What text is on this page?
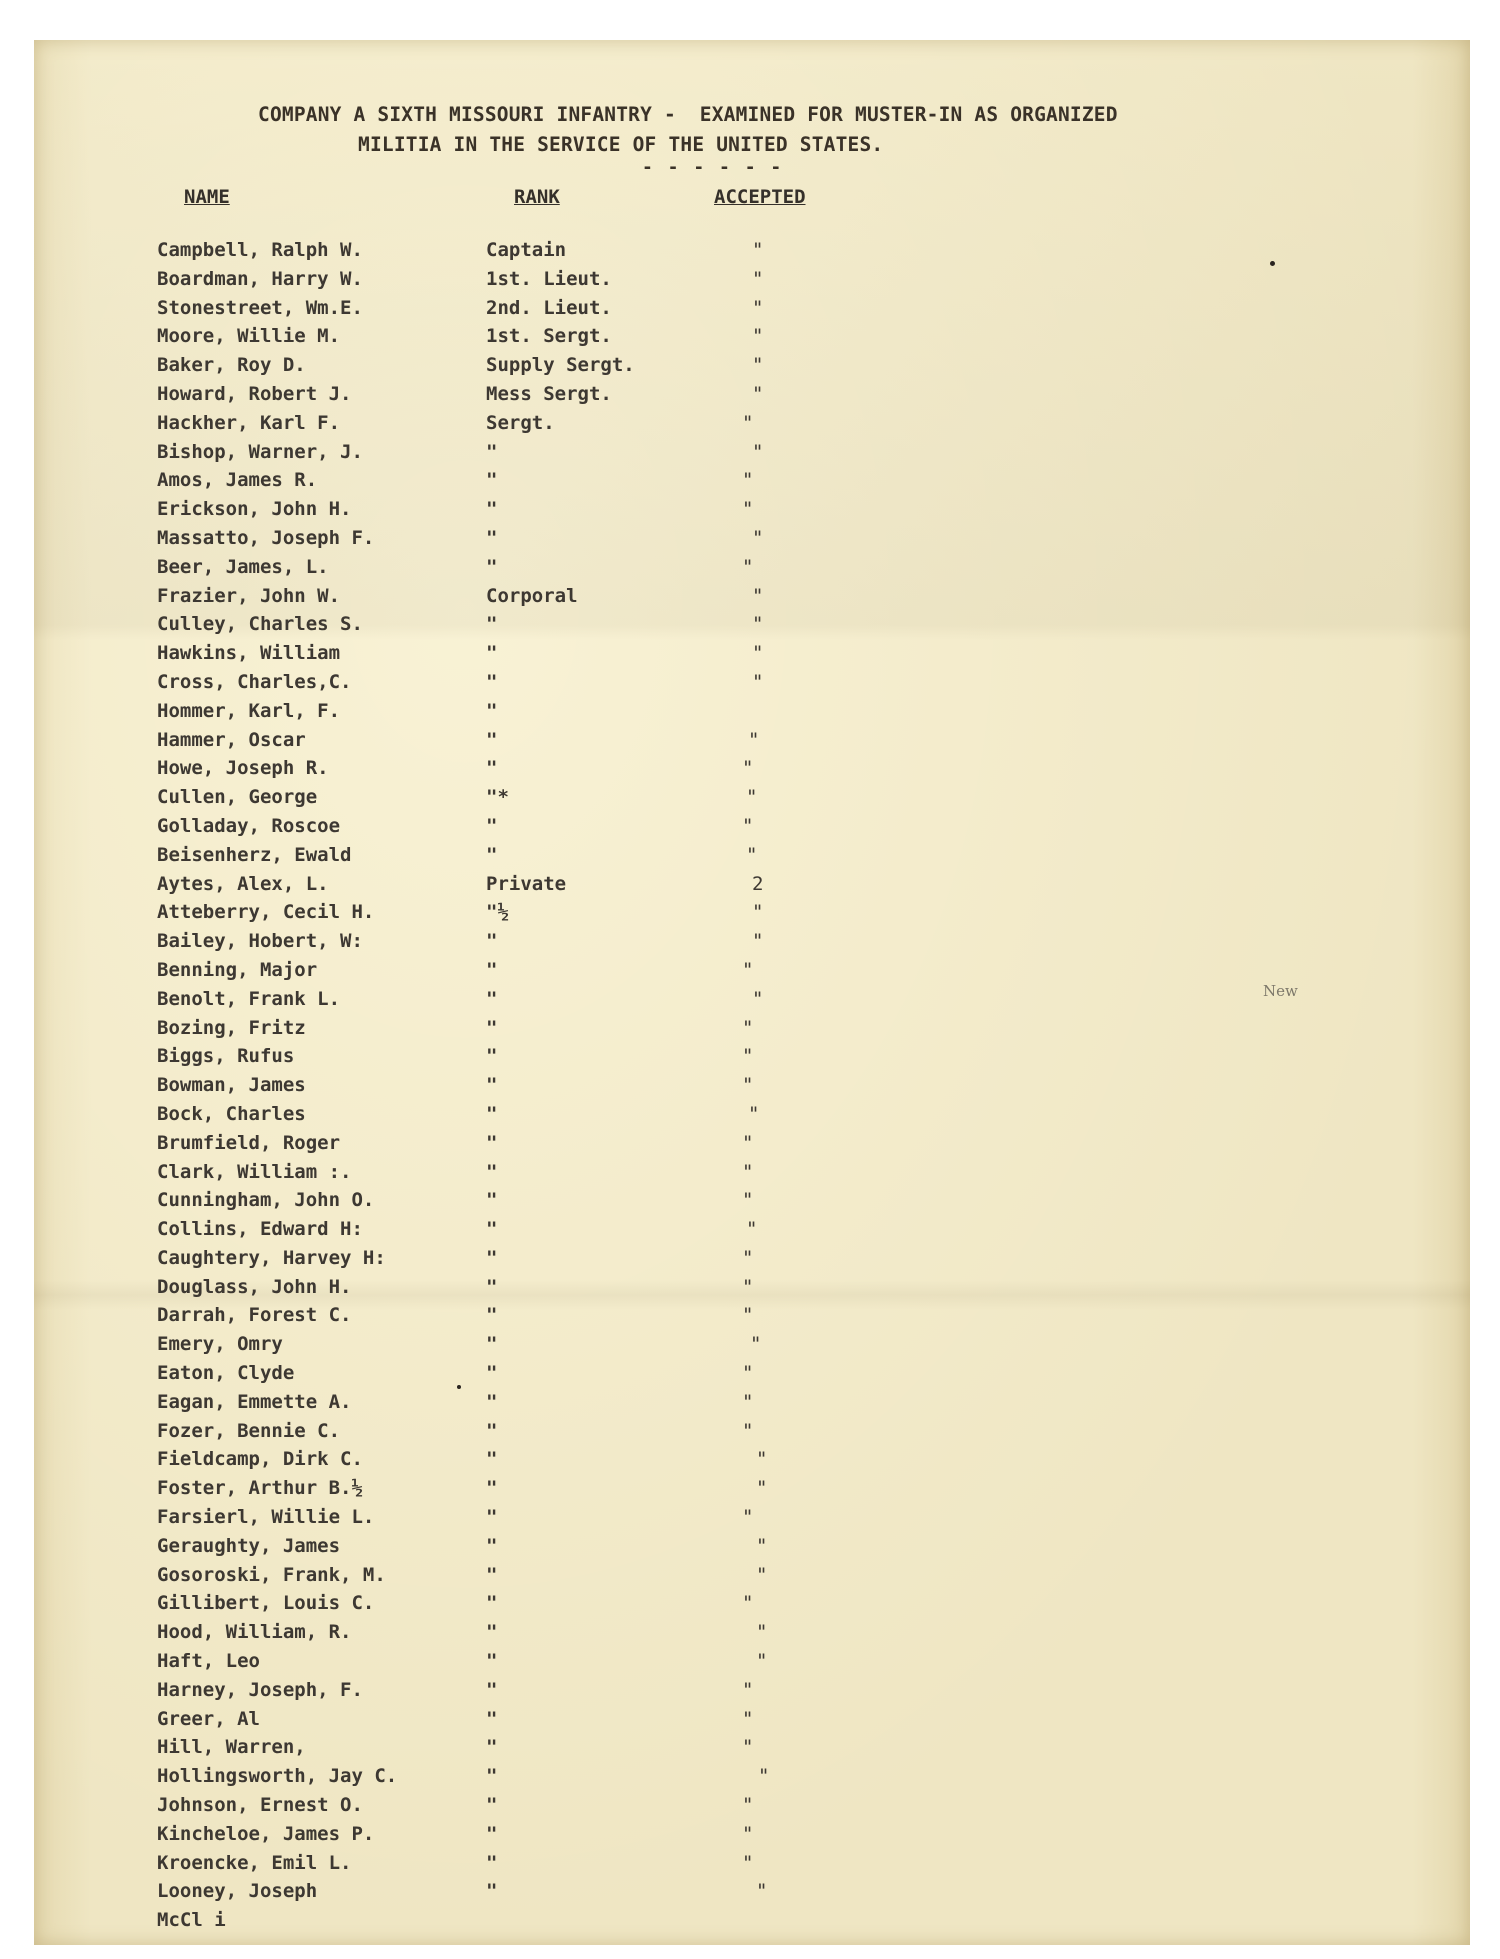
COMPANY A SIXTH MISSOURI INFANTRY -  EXAMINED FOR MUSTER-IN AS ORGANIZED
MILITIA IN THE SERVICE OF THE UNITED STATES.
- - - - - -
NAME	RANK	ACCEPTED
Campbell, Ralph W.	Captain	"
Boardman, Harry W.	1st. Lieut.	"
Stonestreet, Wm.E.	2nd. Lieut.	"
Moore, Willie M.	1st. Sergt.	"
Baker, Roy D.	Supply Sergt.	"
Howard, Robert J.	Mess Sergt.	"
Hackher, Karl F.	Sergt.	"
Bishop, Warner, J.	"	"
Amos, James R.	"	"
Erickson, John H.	"	"
Massatto, Joseph F.	"	"
Beer, James, L.	"	"
Frazier, John W.	Corporal	"
Culley, Charles S.	"	"
Hawkins, William	"	"
Cross, Charles,C.	"	"
Hommer, Karl, F.	"
Hammer, Oscar	"	"
Howe, Joseph R.	"	"
Cullen, George	"*	"
Golladay, Roscoe	"	"
Beisenherz, Ewald	"	"
Aytes, Alex, L.	Private	2
Atteberry, Cecil H.	"½	"
Bailey, Hobert, W:	"	"
Benning, Major	"	"
Benolt, Frank L.	"	"
Bozing, Fritz	"	"
Biggs, Rufus	"	"
Bowman, James	"	"
Bock, Charles	"	"
Brumfield, Roger	"	"
Clark, William :.	"	"
Cunningham, John O.	"	"
Collins, Edward H:	"	"
Caughtery, Harvey H:	"	"
Douglass, John H.	"	"
Darrah, Forest C.	"	"
Emery, Omry	"	"
Eaton, Clyde	"	"
Eagan, Emmette A.	"	"
Fozer, Bennie C.	"	"
Fieldcamp, Dirk C.	"	"
Foster, Arthur B.½	"	"
Farsierl, Willie L.	"	"
Geraughty, James	"	"
Gosoroski, Frank, M.	"	"
Gillibert, Louis C.	"	"
Hood, William, R.	"	"
Haft, Leo	"	"
Harney, Joseph, F.	"	"
Greer, Al	"	"
Hill, Warren,	"	"
Hollingsworth, Jay C.	"	"
Johnson, Ernest O.	"	"
Kincheloe, James P.	"	"
Kroencke, Emil L.	"	"
Looney, Joseph	"	"
McCl i
New
